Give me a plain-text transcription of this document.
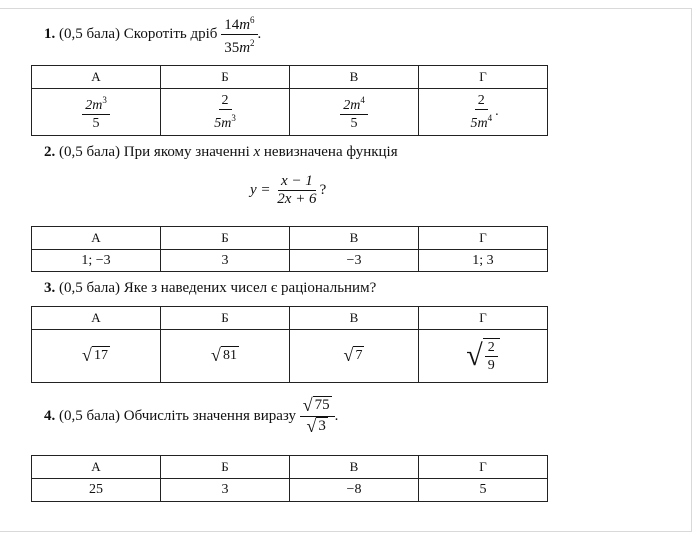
1. (0,5 бала) Скоротіть дріб $\frac{14m^6}{35m^2}$ .
А	Б	В	Г

$\frac{2m^3}{5}$	$\frac{2}{5m^3}$	$\frac{2m^4}{5}$	$\frac{2}{5m^4}$ .
2. (0,5 бала) При якому значенні x невизначена функція
$y = \frac{x - 1}{2x + 6}$ ?
А	Б	В	Г
1; −3	3	−3	1; 3
3. (0,5 бала) Яке з наведених чисел є раціональним?
А	Б	В	Г

√ 17	√ 81	√ 7	√ $\frac{2}{9}$
4. (0,5 бала) Обчисліть значення виразу $\frac{√ 75}{√ 3}$ .
А	Б	В	Г
25	3	−8	5
